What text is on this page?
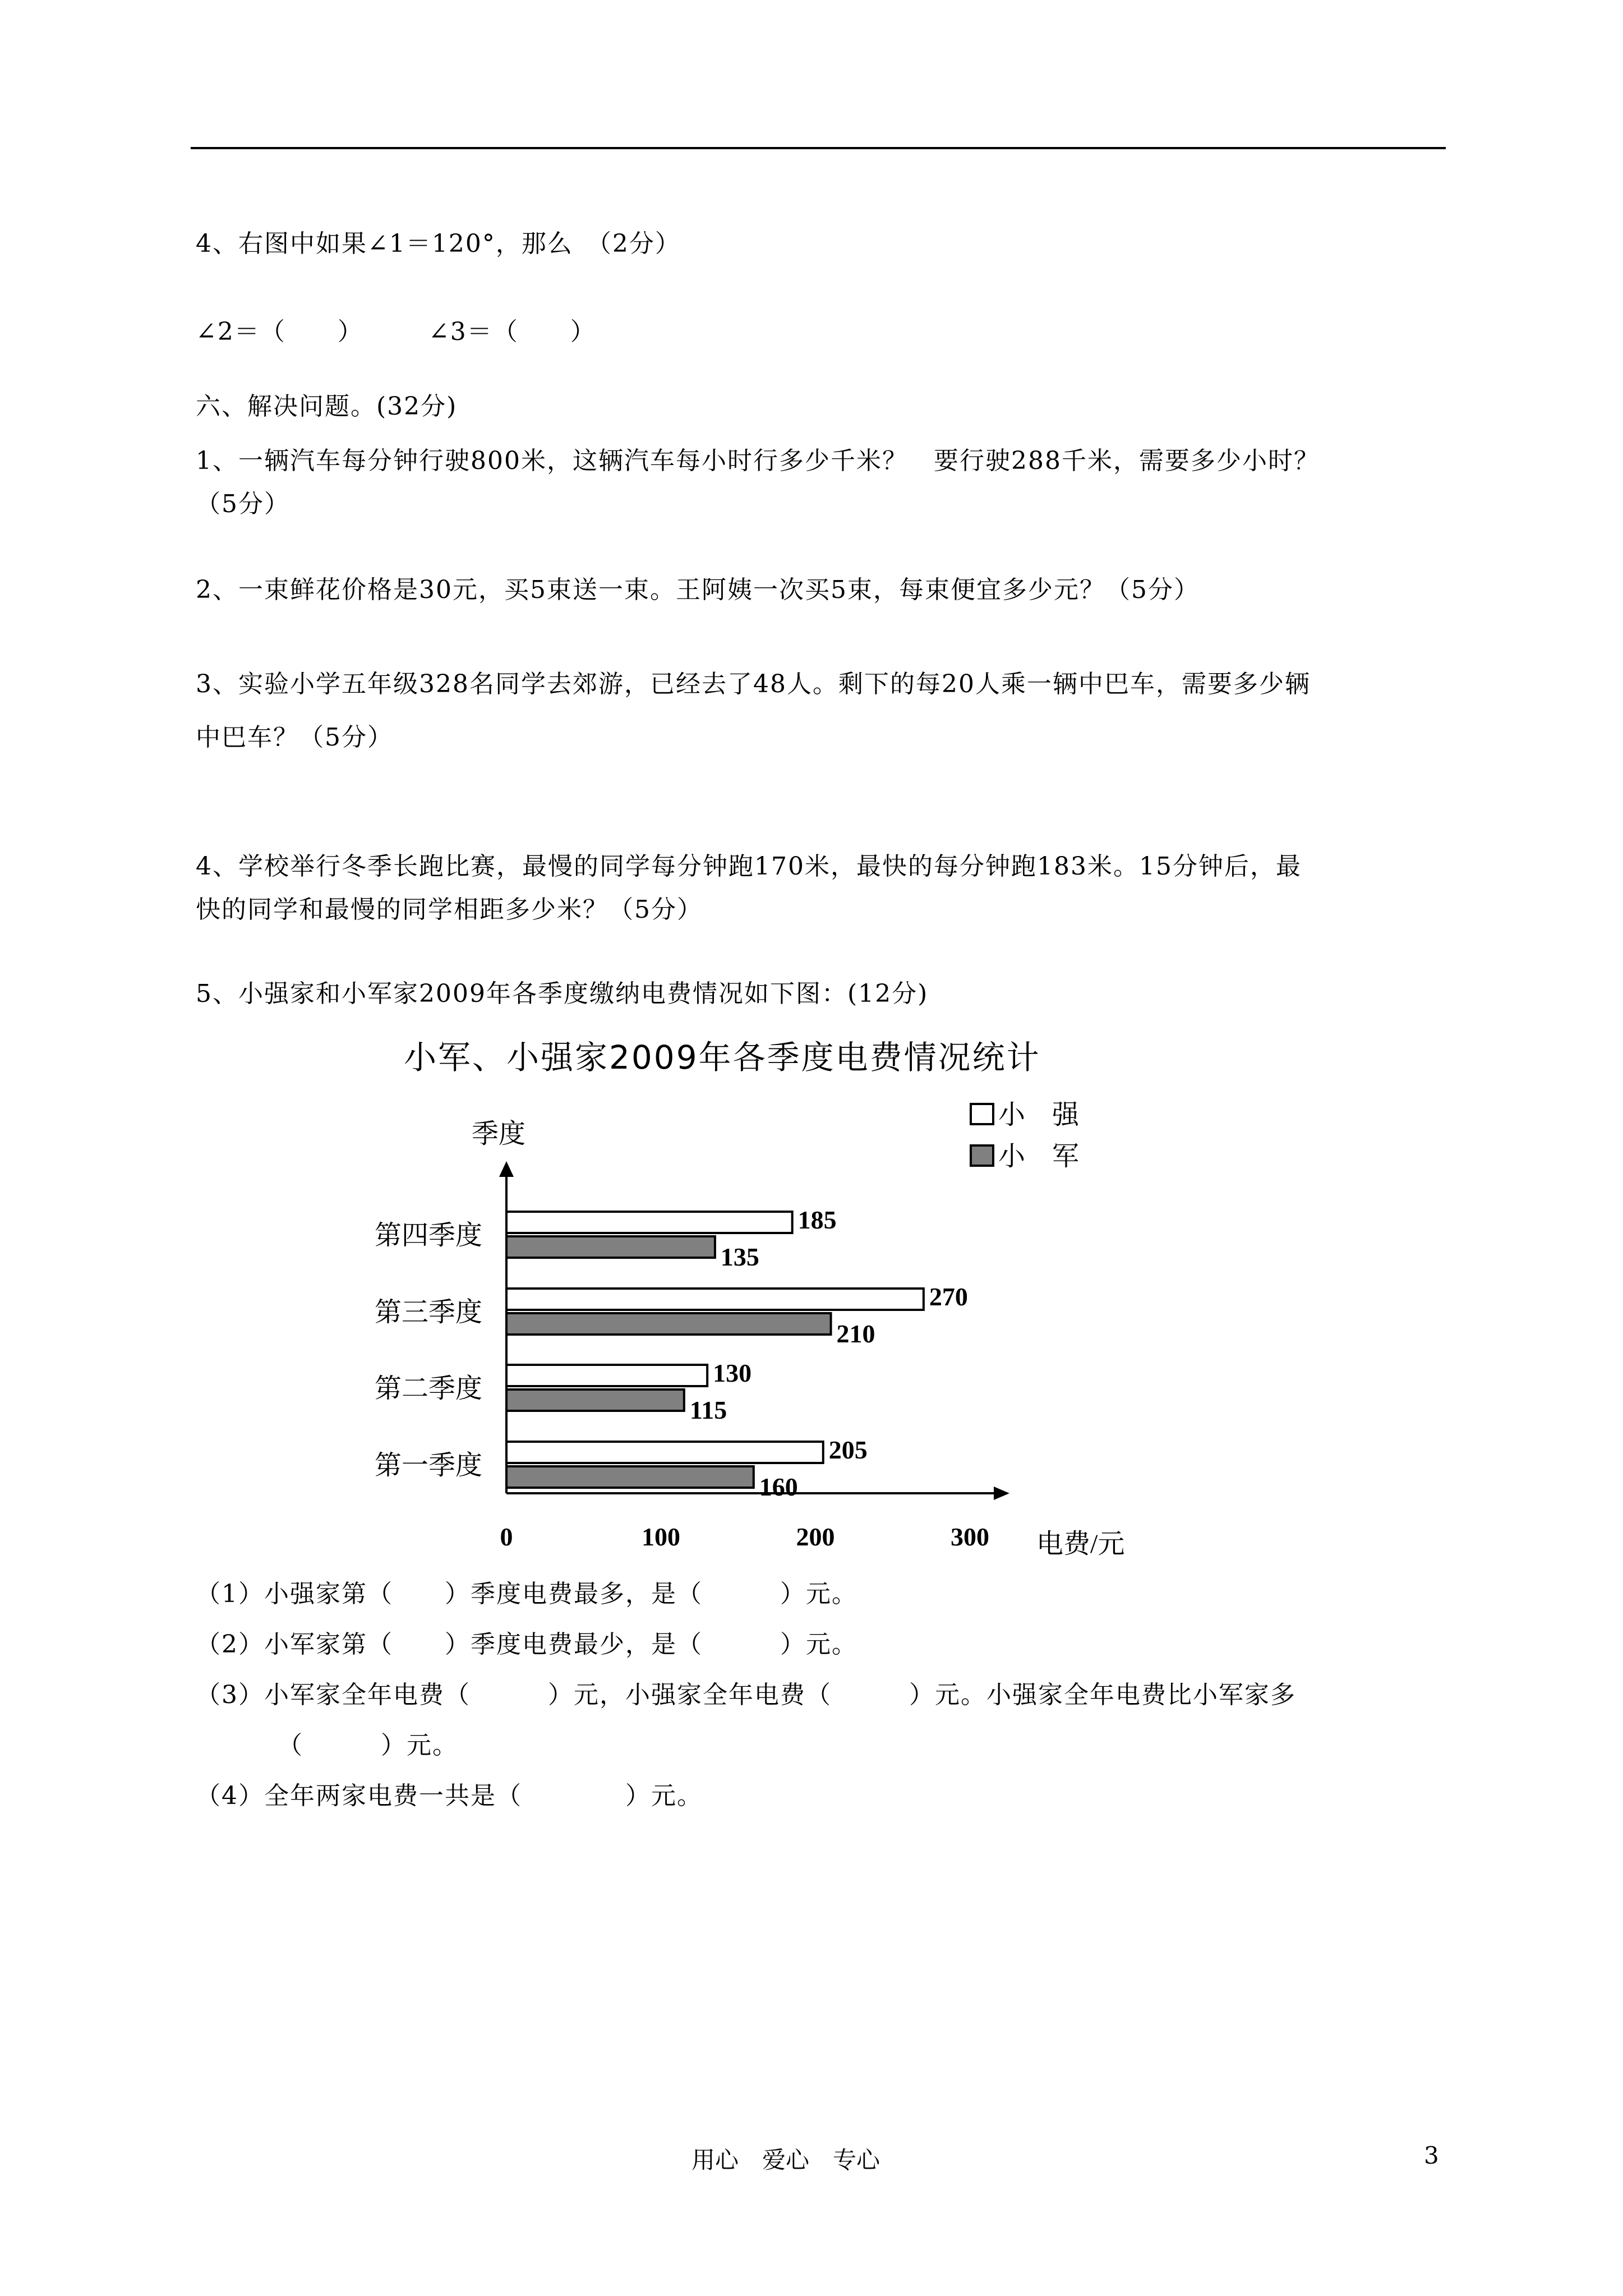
4、右图中如果∠1＝120°，那么　（2分）
∠2＝（　　）　　　∠3＝（　　）
六、解决问题。(32分)
1、一辆汽车每分钟行驶800米，这辆汽车每小时行多少千米？　要行驶288千米，需要多少小时？
（5分）
2、一束鲜花价格是30元，买5束送一束。王阿姨一次买5束，每束便宜多少元？（5分）
3、实验小学五年级328名同学去郊游，已经去了48人。剩下的每20人乘一辆中巴车，需要多少辆
中巴车？（5分）
4、学校举行冬季长跑比赛，最慢的同学每分钟跑170米，最快的每分钟跑183米。15分钟后，最
快的同学和最慢的同学相距多少米？（5分）
5、小强家和小军家2009年各季度缴纳电费情况如下图：(12分)
小军、小强家2009年各季度电费情况统计
季度
电费/元
小　强
小　军
第四季度
185
135
第三季度
270
210
第二季度
130
115
第一季度
205
160
0	100	200	300
（1）小强家第（　　）季度电费最多，是（　　　）元。
（2）小军家第（　　）季度电费最少，是（　　　）元。
（3）小军家全年电费（　　　）元，小强家全年电费（　　　）元。小强家全年电费比小军家多
（　　　）元。
（4）全年两家电费一共是（　　　　）元。
用心　爱心　专心	3
